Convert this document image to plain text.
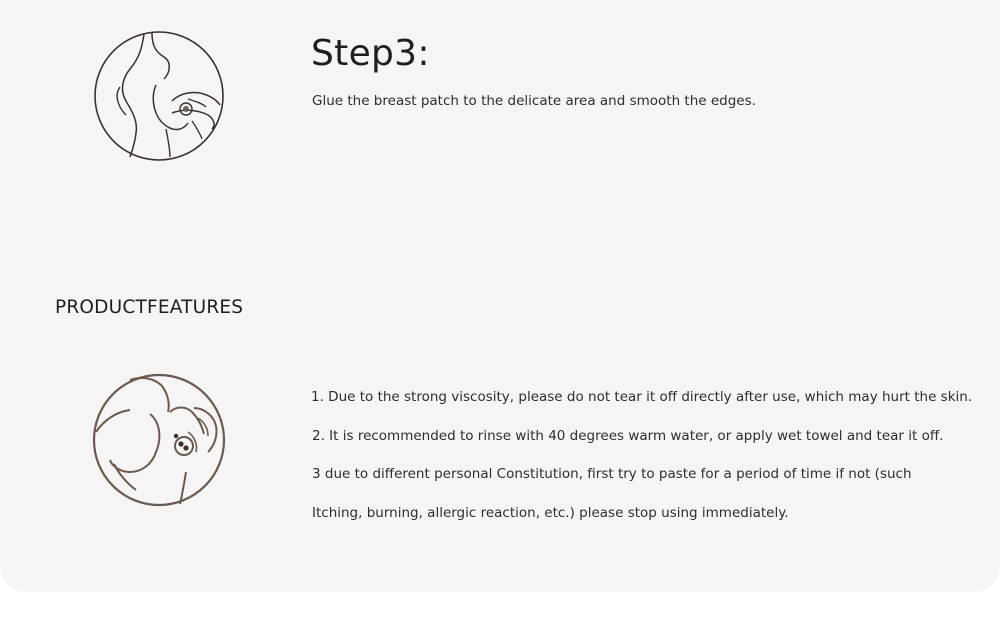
Step3:
Glue the breast patch to the delicate area and smooth the edges.
PRODUCTFEATURES
1. Due to the strong viscosity, please do not tear it off directly after use, which may hurt the skin.
2. It is recommended to rinse with 40 degrees warm water, or apply wet towel and tear it off.
3 due to different personal Constitution, first try to paste for a period of time if not (such
Itching, burning, allergic reaction, etc.) please stop using immediately.
